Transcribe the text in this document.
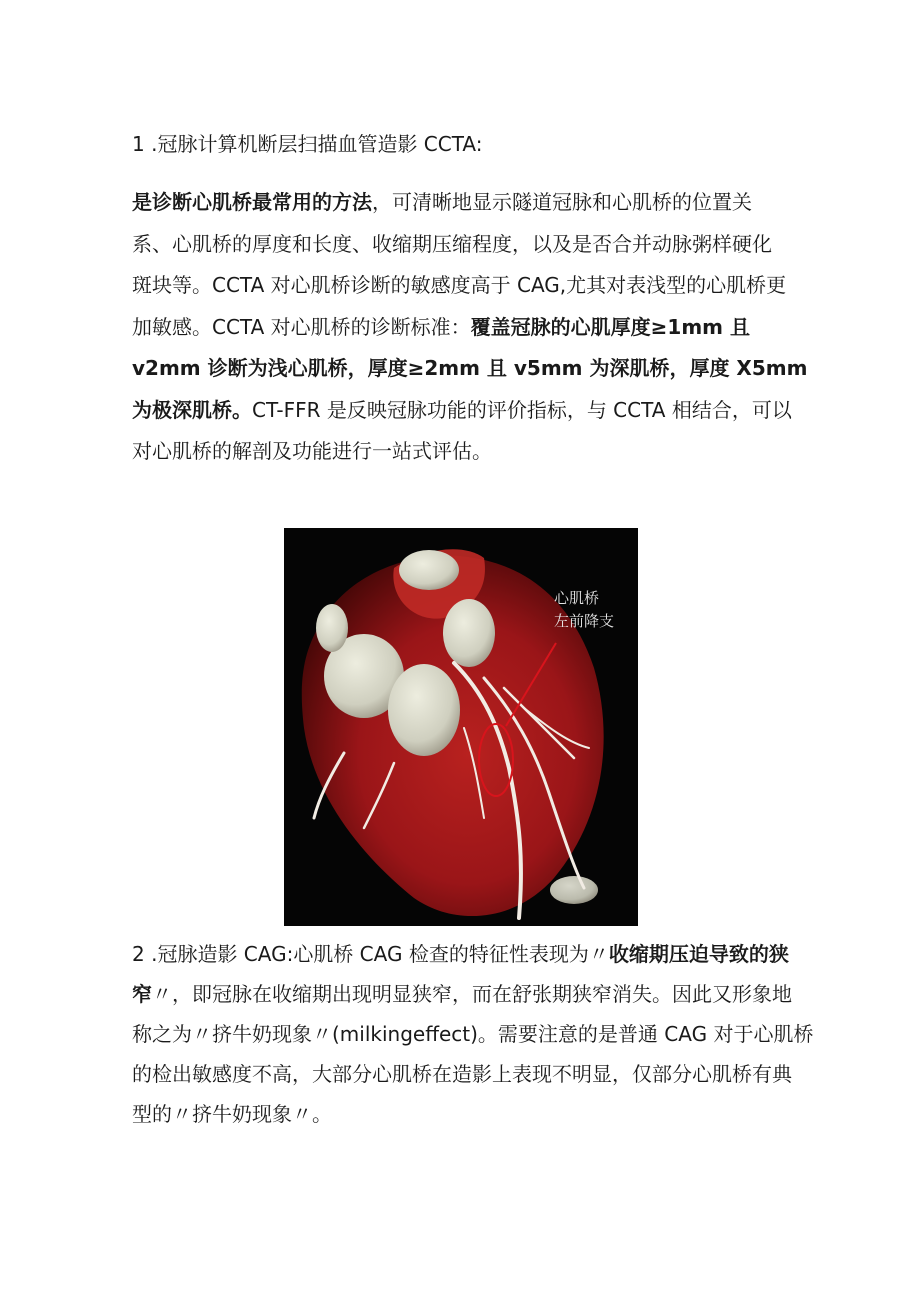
1 .冠脉计算机断层扫描血管造影 CCTA:
是诊断心肌桥最常用的方法，可清晰地显示隧道冠脉和心肌桥的位置关
系、心肌桥的厚度和长度、收缩期压缩程度，以及是否合并动脉粥样硬化
斑块等。CCTA 对心肌桥诊断的敏感度高于 CAG,尤其对表浅型的心肌桥更
加敏感。CCTA 对心肌桥的诊断标准：覆盖冠脉的心肌厚度≥1mm 且
v2mm 诊断为浅心肌桥，厚度≥2mm 且 v5mm 为深肌桥，厚度 X5mm
为极深肌桥。CT-FFR 是反映冠脉功能的评价指标，与 CCTA 相结合，可以
对心肌桥的解剖及功能进行一站式评估。
心肌桥
左前降支
2 .冠脉造影 CAG:心肌桥 CAG 检查的特征性表现为〃收缩期压迫导致的狭
窄〃，即冠脉在收缩期出现明显狭窄，而在舒张期狭窄消失。因此又形象地
称之为〃挤牛奶现象〃(milkingeffect)。需要注意的是普通 CAG 对于心肌桥
的检出敏感度不高，大部分心肌桥在造影上表现不明显，仅部分心肌桥有典
型的〃挤牛奶现象〃。
